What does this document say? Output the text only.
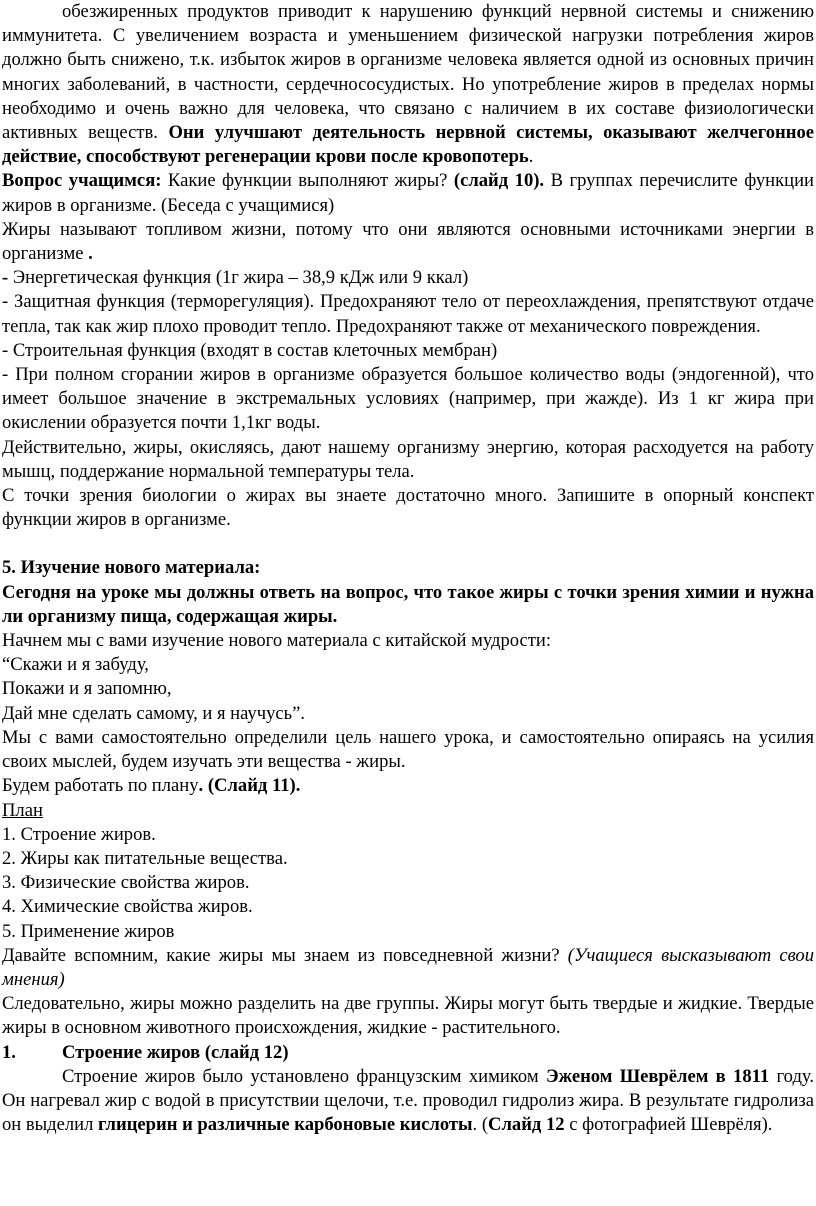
обезжиренных продуктов приводит к нарушению функций нервной системы и снижению иммунитета. С увеличением возраста и уменьшением физической нагрузки потребления жиров должно быть снижено, т.к. избыток жиров в организме человека является одной из основных причин многих заболеваний, в частности, сердечнососудистых. Но употребление жиров в пределах нормы необходимо и очень важно для человека, что связано с наличием в их составе физиологически активных веществ. Они улучшают деятельность нервной системы, оказывают желчегонное действие, способствуют регенерации крови после кровопотерь.

Вопрос учащимся: Какие функции выполняют жиры? (слайд 10). В группах перечислите функции жиров в организме. (Беседа с учащимися)

Жиры называют топливом жизни, потому что они являются основными источниками энергии в организме .

- Энергетическая функция (1г жира – 38,9 кДж или 9 ккал)

- Защитная функция (терморегуляция). Предохраняют тело от переохлаждения, препятствуют отдаче тепла, так как жир плохо проводит тепло. Предохраняют также от механического повреждения.

- Строительная функция (входят в состав клеточных мембран)

- При полном сгорании жиров в организме образуется большое количество воды (эндогенной), что имеет большое значение в экстремальных условиях (например, при жажде). Из 1 кг жира при окислении образуется почти 1,1кг воды.

Действительно, жиры, окисляясь, дают нашему организму энергию, которая расходуется на работу мышц, поддержание нормальной температуры тела.

С точки зрения биологии о жирах вы знаете достаточно много. Запишите в опорный конспект функции жиров в организме.

5. Изучение нового материала:

Сегодня на уроке мы должны ответь на вопрос, что такое жиры с точки зрения химии и нужна ли организму пища, содержащая жиры.

Начнем мы с вами изучение нового материала с китайской мудрости:

“Скажи и я забуду,

Покажи и я запомню,

Дай мне сделать самому, и я научусь”.

Мы с вами самостоятельно определили цель нашего урока, и самостоятельно опираясь на усилия своих мыслей, будем изучать эти вещества - жиры.

Будем работать по плану. (Слайд 11).

План

1. Строение жиров.

2. Жиры как питательные вещества.

3. Физические свойства жиров.

4. Химические свойства жиров.

5. Применение жиров

Давайте вспомним, какие жиры мы знаем из повседневной жизни? (Учащиеся высказывают свои мнения)

Следовательно, жиры можно разделить на две группы. Жиры могут быть твердые и жидкие. Твердые жиры в основном животного происхождения, жидкие - растительного.

1.	Строение жиров (слайд 12)

Строение жиров было установлено французским химиком Эженом Шеврёлем в 1811 году. Он нагревал жир с водой в присутствии щелочи, т.е. проводил гидролиз жира. В результате гидролиза он выделил глицерин и различные карбоновые кислоты. (Слайд 12 с фотографией Шеврёля).
